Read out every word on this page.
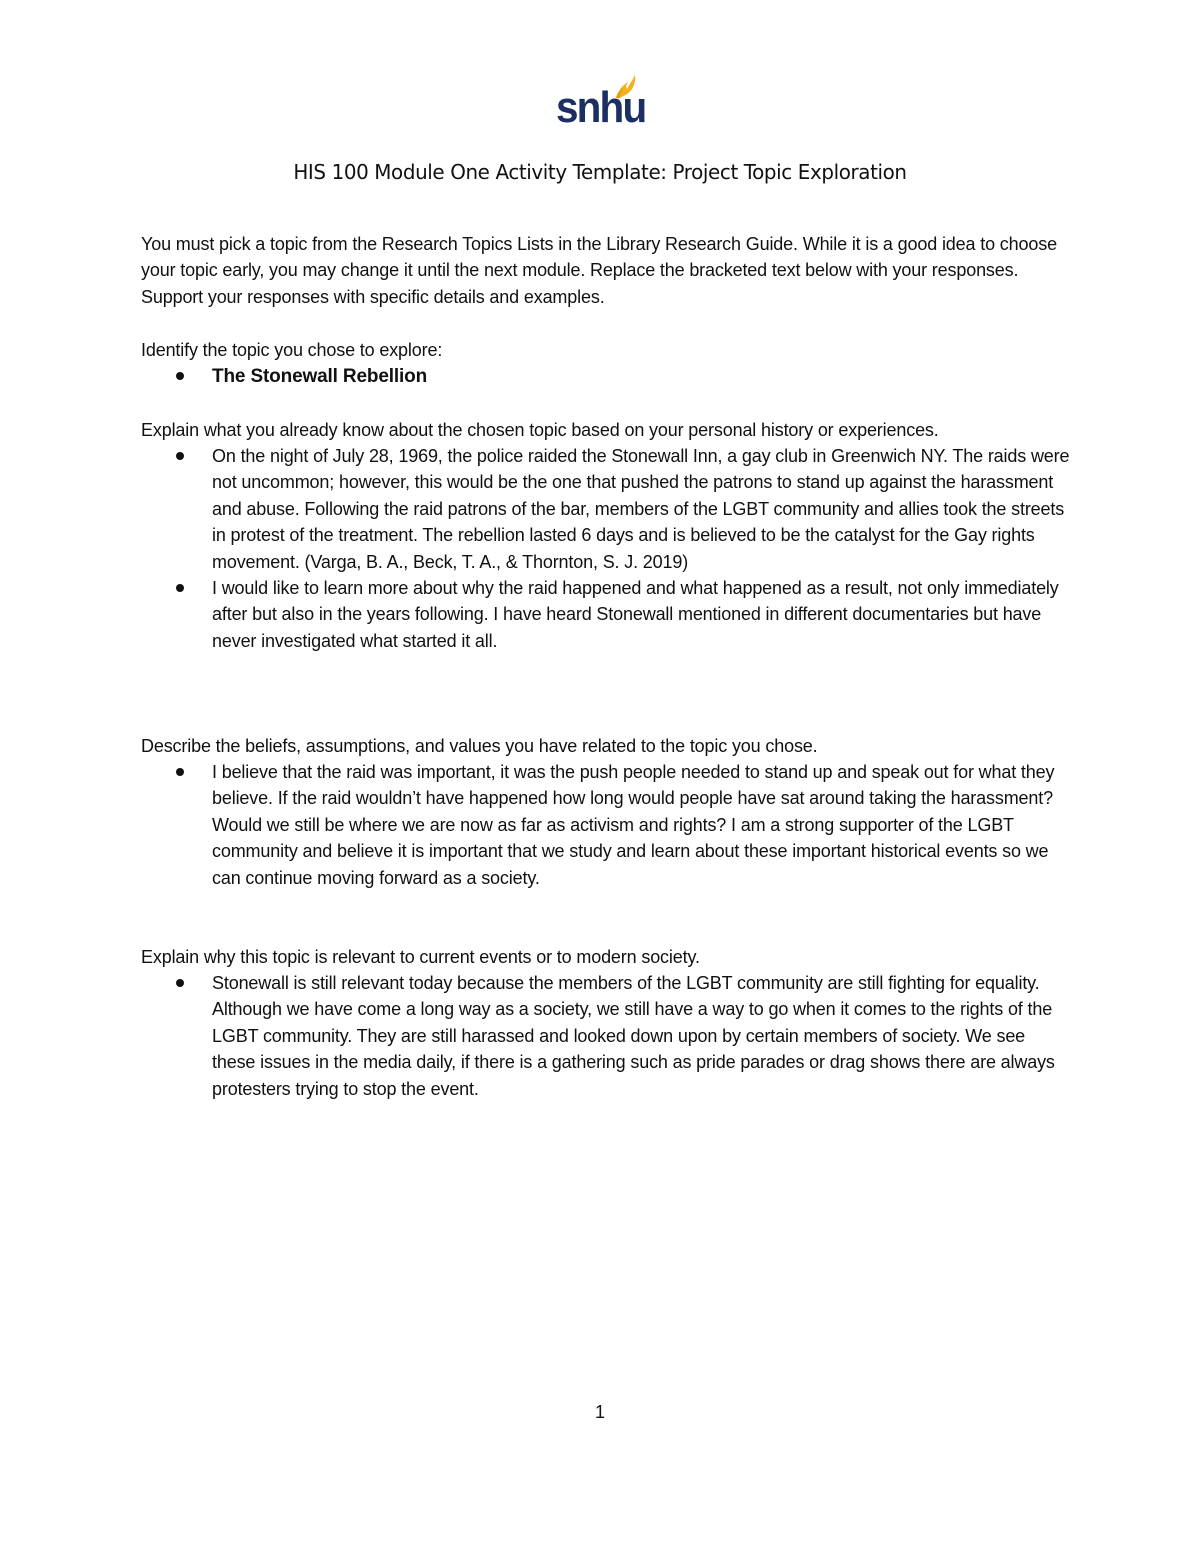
snhu
HIS 100 Module One Activity Template: Project Topic Exploration
You must pick a topic from the Research Topics Lists in the Library Research Guide. While it is a good idea to choose your topic early, you may change it until the next module. Replace the bracketed text below with your responses. Support your responses with specific details and examples.
Identify the topic you chose to explore:
The Stonewall Rebellion
Explain what you already know about the chosen topic based on your personal history or experiences.
On the night of July 28, 1969, the police raided the Stonewall Inn, a gay club in Greenwich NY. The raids were not uncommon; however, this would be the one that pushed the patrons to stand up against the harassment and abuse. Following the raid patrons of the bar, members of the LGBT community and allies took the streets in protest of the treatment. The rebellion lasted 6 days and is believed to be the catalyst for the Gay rights movement. (Varga, B. A., Beck, T. A., & Thornton, S. J. 2019)
I would like to learn more about why the raid happened and what happened as a result, not only immediately after but also in the years following. I have heard Stonewall mentioned in different documentaries but have never investigated what started it all.
Describe the beliefs, assumptions, and values you have related to the topic you chose.
I believe that the raid was important, it was the push people needed to stand up and speak out for what they believe. If the raid wouldn’t have happened how long would people have sat around taking the harassment? Would we still be where we are now as far as activism and rights? I am a strong supporter of the LGBT community and believe it is important that we study and learn about these important historical events so we can continue moving forward as a society.
Explain why this topic is relevant to current events or to modern society.
Stonewall is still relevant today because the members of the LGBT community are still fighting for equality. Although we have come a long way as a society, we still have a way to go when it comes to the rights of the LGBT community. They are still harassed and looked down upon by certain members of society. We see these issues in the media daily, if there is a gathering such as pride parades or drag shows there are always protesters trying to stop the event.
1
